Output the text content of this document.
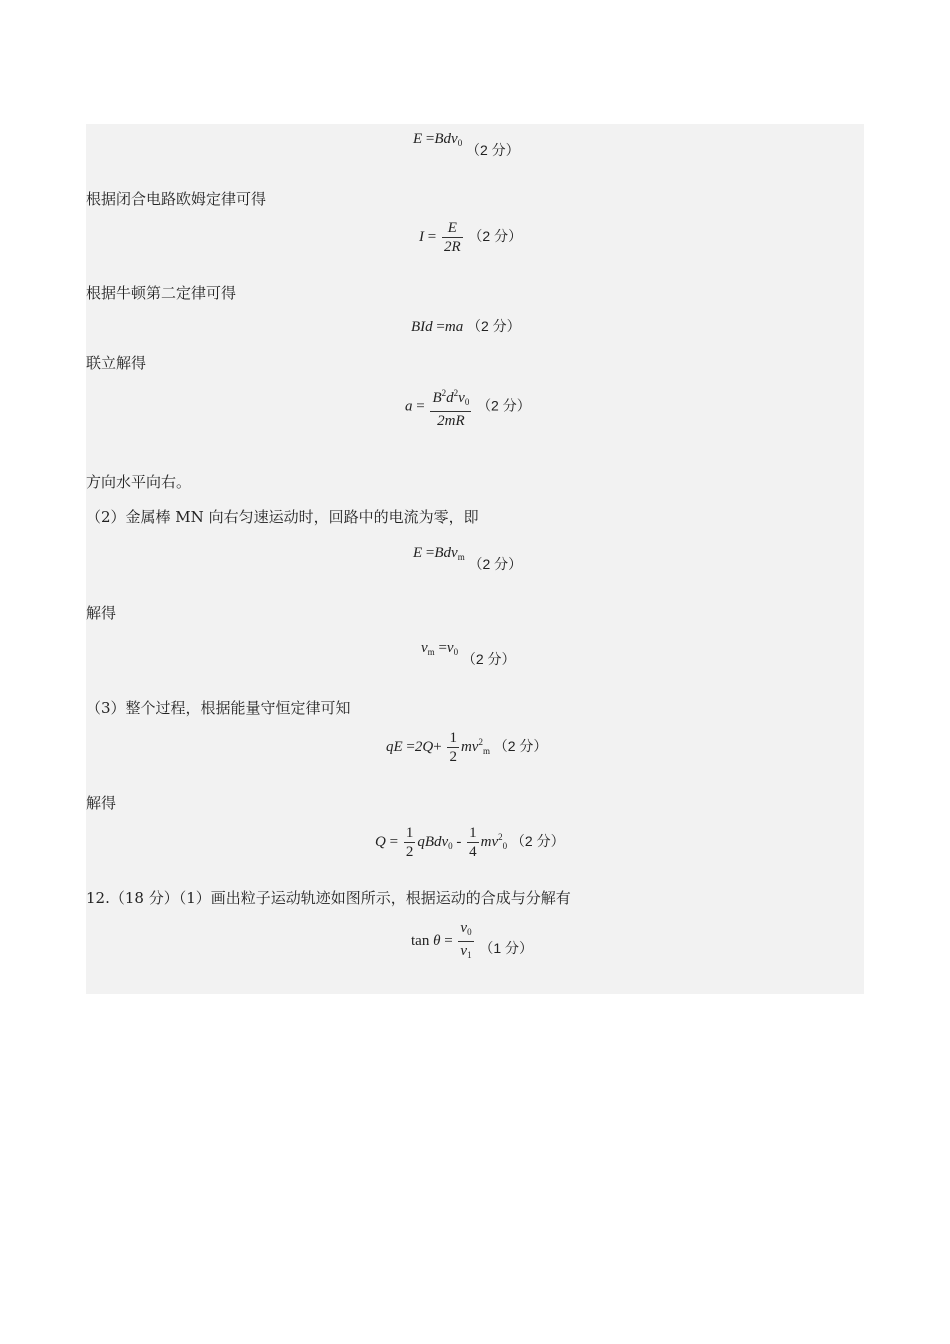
E =Bdv$_0$ （2 分）
根据闭合电路欧姆定律可得
$I = \frac{E}{2R} (2$ 分）
根据牛顿第二定律可得
BId =ma （2 分）
联立解得
$a = \frac{B^2d^2v_0}{2mR} (2$ 分）
方向水平向右。
（2）金属棒 MN 向右匀速运动时，回路中的电流为零，即
E =Bdv$_m$ （2 分）
解得
$v_m =v_0$ （2 分）
（3）整个过程，根据能量守恒定律可知
qE $=2Q+ \frac{1}{2} mv^2_m$ （2 分）
解得
$Q = \frac{1}{2}$ qBdv$_0$ - $\frac{1}{4} mv^2_0$ （2 分）
12.（18 分）（1）画出粒子运动轨迹如图所示，根据运动的合成与分解有
$\tan \theta = \frac{v_0}{v_1} (1$ 分）
